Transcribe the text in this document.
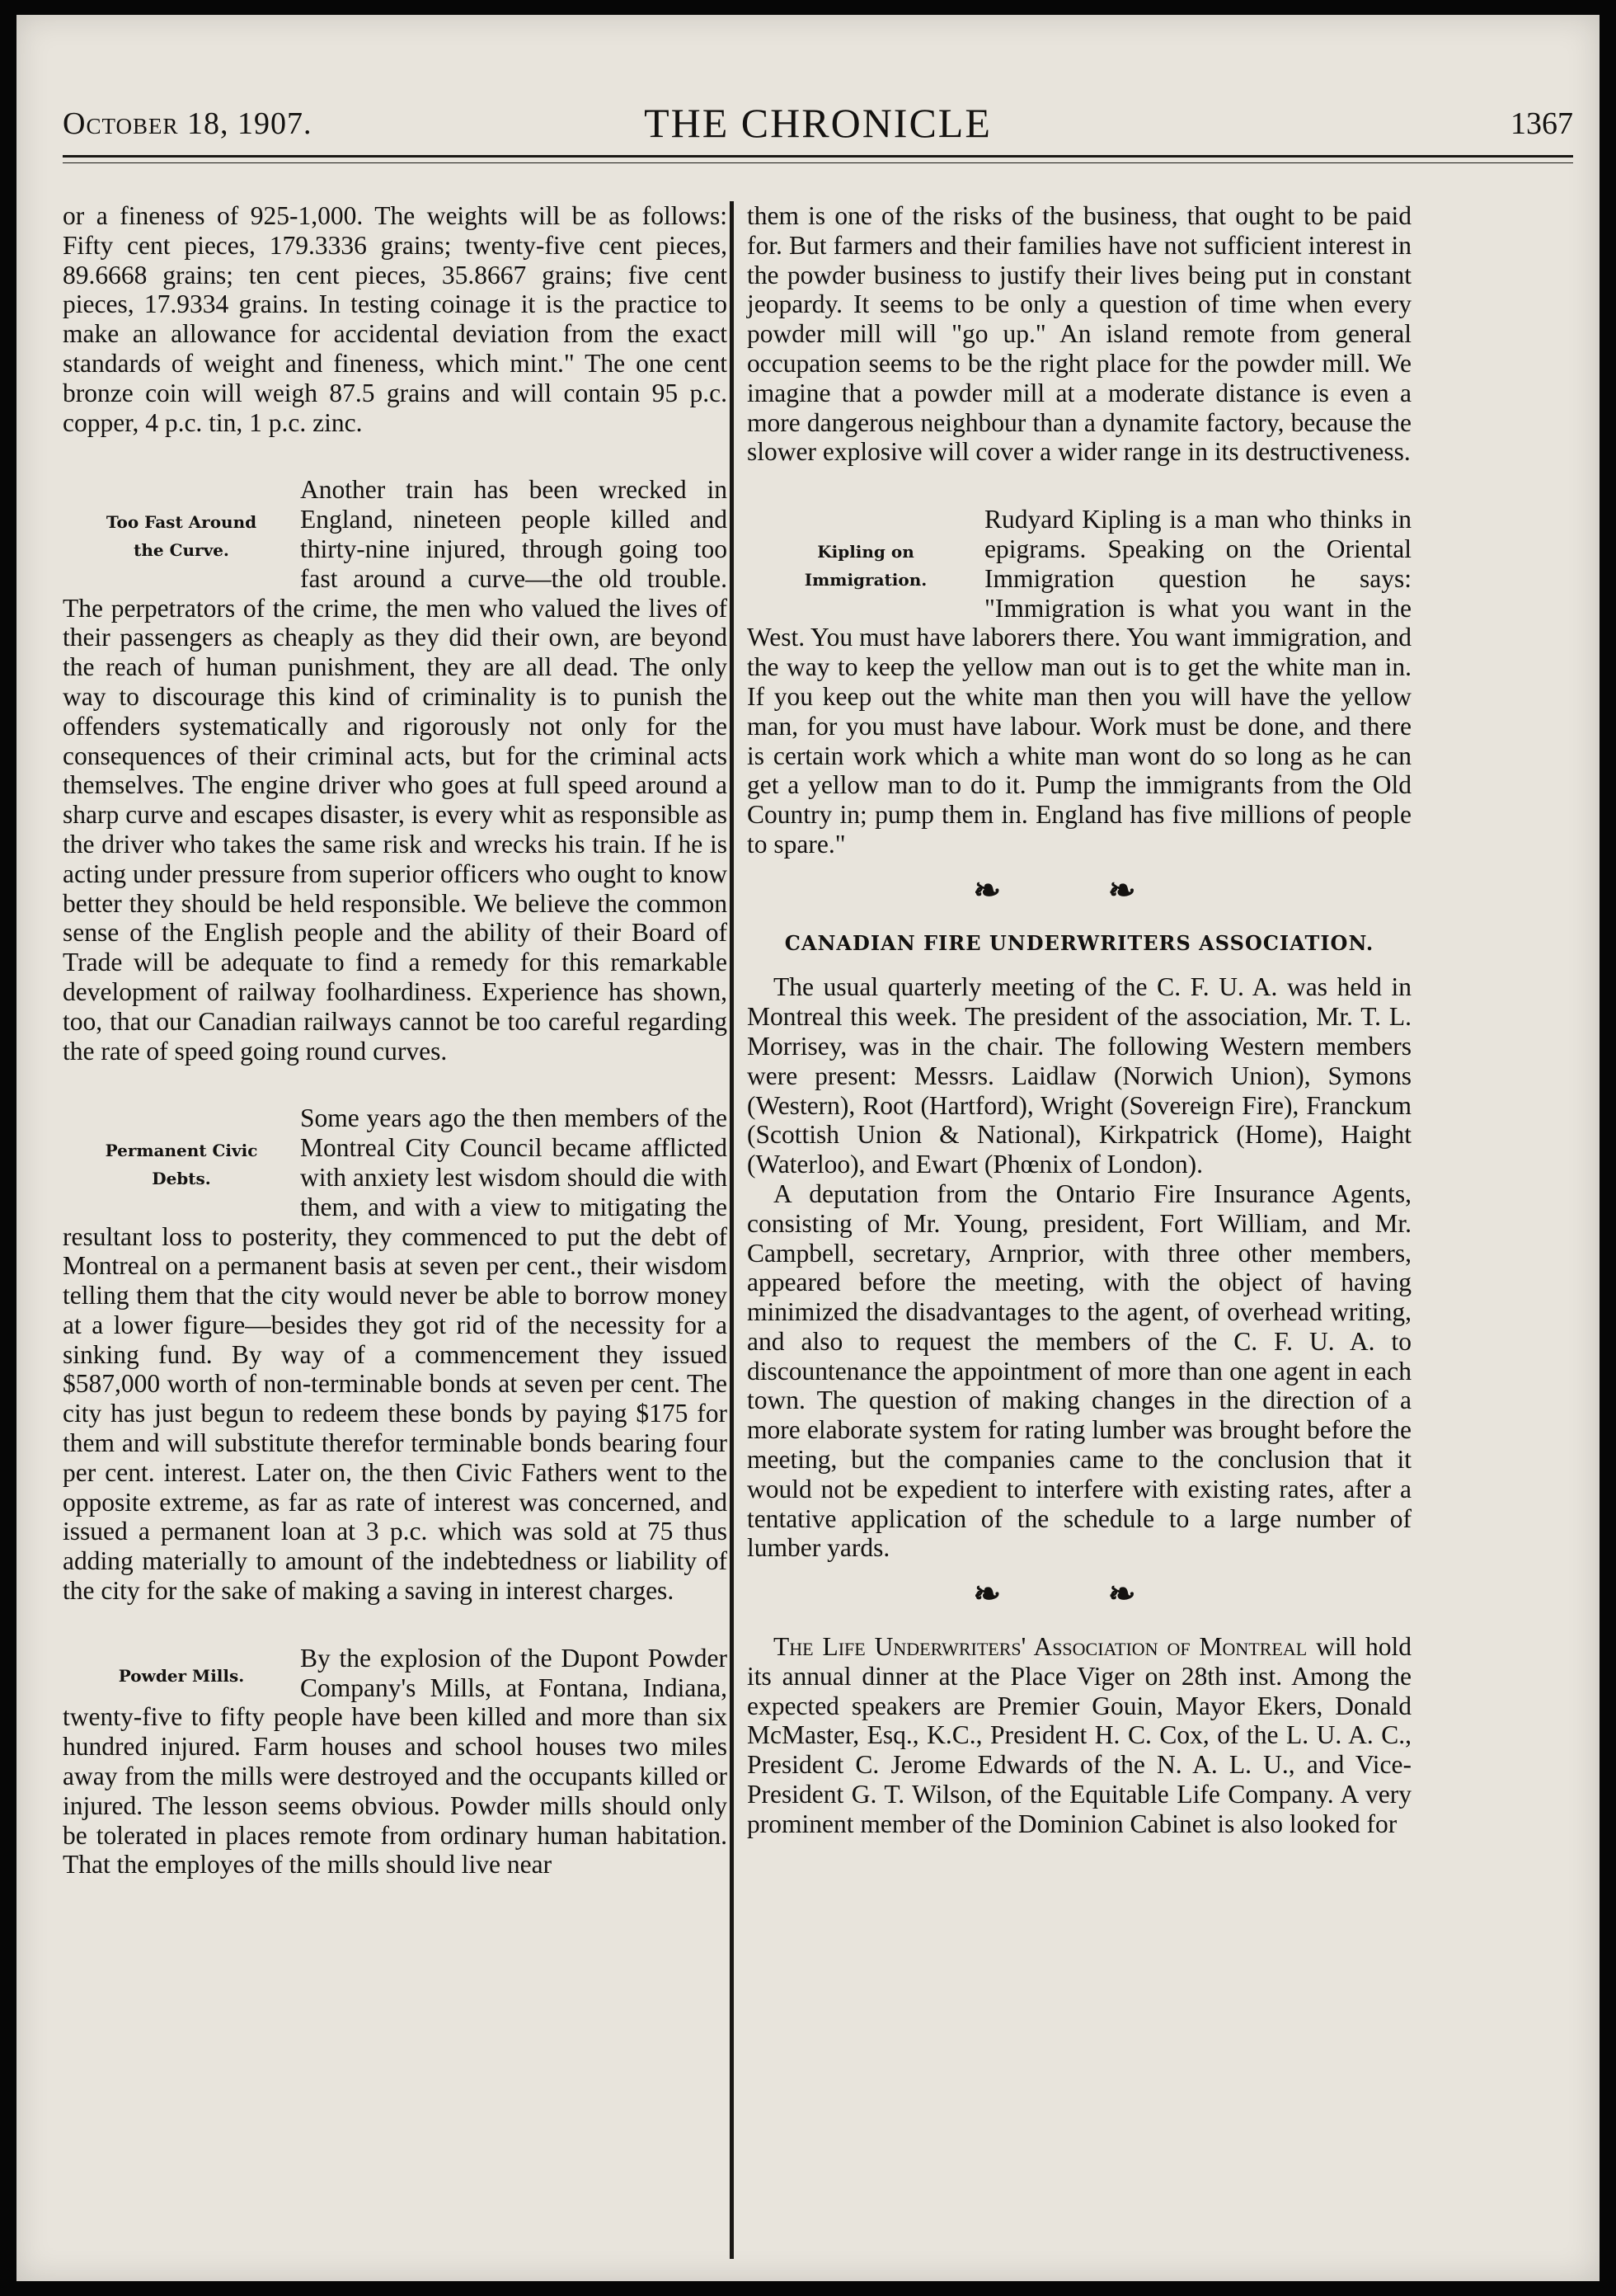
October 18, 1907.	THE CHRONICLE	1367

or a fineness of 925-1,000. The weights will be as follows: Fifty cent pieces, 179.3336 grains; twenty-five cent pieces, 89.6668 grains; ten cent pieces, 35.8667 grains; five cent pieces, 17.9334 grains. In testing coinage it is the practice to make an allowance for accidental deviation from the exact standards of weight and fineness, which mint." The one cent bronze coin will weigh 87.5 grains and will contain 95 p.c. copper, 4 p.c. tin, 1 p.c. zinc.

Too Fast Around
the Curve.

Another train has been wrecked in England, nineteen people killed and thirty-nine injured, through going too fast around a curve—the old trouble. The perpetrators of the crime, the men who valued the lives of their passengers as cheaply as they did their own, are beyond the reach of human punishment, they are all dead. The only way to discourage this kind of criminality is to punish the offenders systematically and rigorously not only for the consequences of their criminal acts, but for the criminal acts themselves. The engine driver who goes at full speed around a sharp curve and escapes disaster, is every whit as responsible as the driver who takes the same risk and wrecks his train. If he is acting under pressure from superior officers who ought to know better they should be held responsible. We believe the common sense of the English people and the ability of their Board of Trade will be adequate to find a remedy for this remarkable development of railway foolhardiness. Experience has shown, too, that our Canadian railways cannot be too careful regarding the rate of speed going round curves.

Permanent Civic
Debts.

Some years ago the then members of the Montreal City Council became afflicted with anxiety lest wisdom should die with them, and with a view to mitigating the resultant loss to posterity, they commenced to put the debt of Montreal on a permanent basis at seven per cent., their wisdom telling them that the city would never be able to borrow money at a lower figure—besides they got rid of the necessity for a sinking fund. By way of a commencement they issued $587,000 worth of non-terminable bonds at seven per cent. The city has just begun to redeem these bonds by paying $175 for them and will substitute therefor terminable bonds bearing four per cent. interest. Later on, the then Civic Fathers went to the opposite extreme, as far as rate of interest was concerned, and issued a permanent loan at 3 p.c. which was sold at 75 thus adding materially to amount of the indebtedness or liability of the city for the sake of making a saving in interest charges.

Powder Mills.

By the explosion of the Dupont Powder Company's Mills, at Fontana, Indiana, twenty-five to fifty people have been killed and more than six hundred injured. Farm houses and school houses two miles away from the mills were destroyed and the occupants killed or injured. The lesson seems obvious. Powder mills should only be tolerated in places remote from ordinary human habitation. That the employes of the mills should live near

them is one of the risks of the business, that ought to be paid for. But farmers and their families have not sufficient interest in the powder business to justify their lives being put in constant jeopardy. It seems to be only a question of time when every powder mill will "go up." An island remote from general occupation seems to be the right place for the powder mill. We imagine that a powder mill at a moderate distance is even a more dangerous neighbour than a dynamite factory, because the slower explosive will cover a wider range in its destructiveness.

Kipling on
Immigration.

Rudyard Kipling is a man who thinks in epigrams. Speaking on the Oriental Immigration question he says: "Immigration is what you want in the West. You must have laborers there. You want immigration, and the way to keep the yellow man out is to get the white man in. If you keep out the white man then you will have the yellow man, for you must have labour. Work must be done, and there is certain work which a white man wont do so long as he can get a yellow man to do it. Pump the immigrants from the Old Country in; pump them in. England has five millions of people to spare."

❧ ❧
CANADIAN FIRE UNDERWRITERS ASSOCIATION.

The usual quarterly meeting of the C. F. U. A. was held in Montreal this week. The president of the association, Mr. T. L. Morrisey, was in the chair. The following Western members were present: Messrs. Laidlaw (Norwich Union), Symons (Western), Root (Hartford), Wright (Sovereign Fire), Franckum (Scottish Union & National), Kirkpatrick (Home), Haight (Waterloo), and Ewart (Phœnix of London).

A deputation from the Ontario Fire Insurance Agents, consisting of Mr. Young, president, Fort William, and Mr. Campbell, secretary, Arnprior, with three other members, appeared before the meeting, with the object of having minimized the disadvantages to the agent, of overhead writing, and also to request the members of the C. F. U. A. to discountenance the appointment of more than one agent in each town. The question of making changes in the direction of a more elaborate system for rating lumber was brought before the meeting, but the companies came to the conclusion that it would not be expedient to interfere with existing rates, after a tentative application of the schedule to a large number of lumber yards.

❧ ❧

The Life Underwriters' Association of Montreal will hold its annual dinner at the Place Viger on 28th inst. Among the expected speakers are Premier Gouin, Mayor Ekers, Donald McMaster, Esq., K.C., President H. C. Cox, of the L. U. A. C., President C. Jerome Edwards of the N. A. L. U., and Vice-President G. T. Wilson, of the Equitable Life Company. A very prominent member of the Dominion Cabinet is also looked for
